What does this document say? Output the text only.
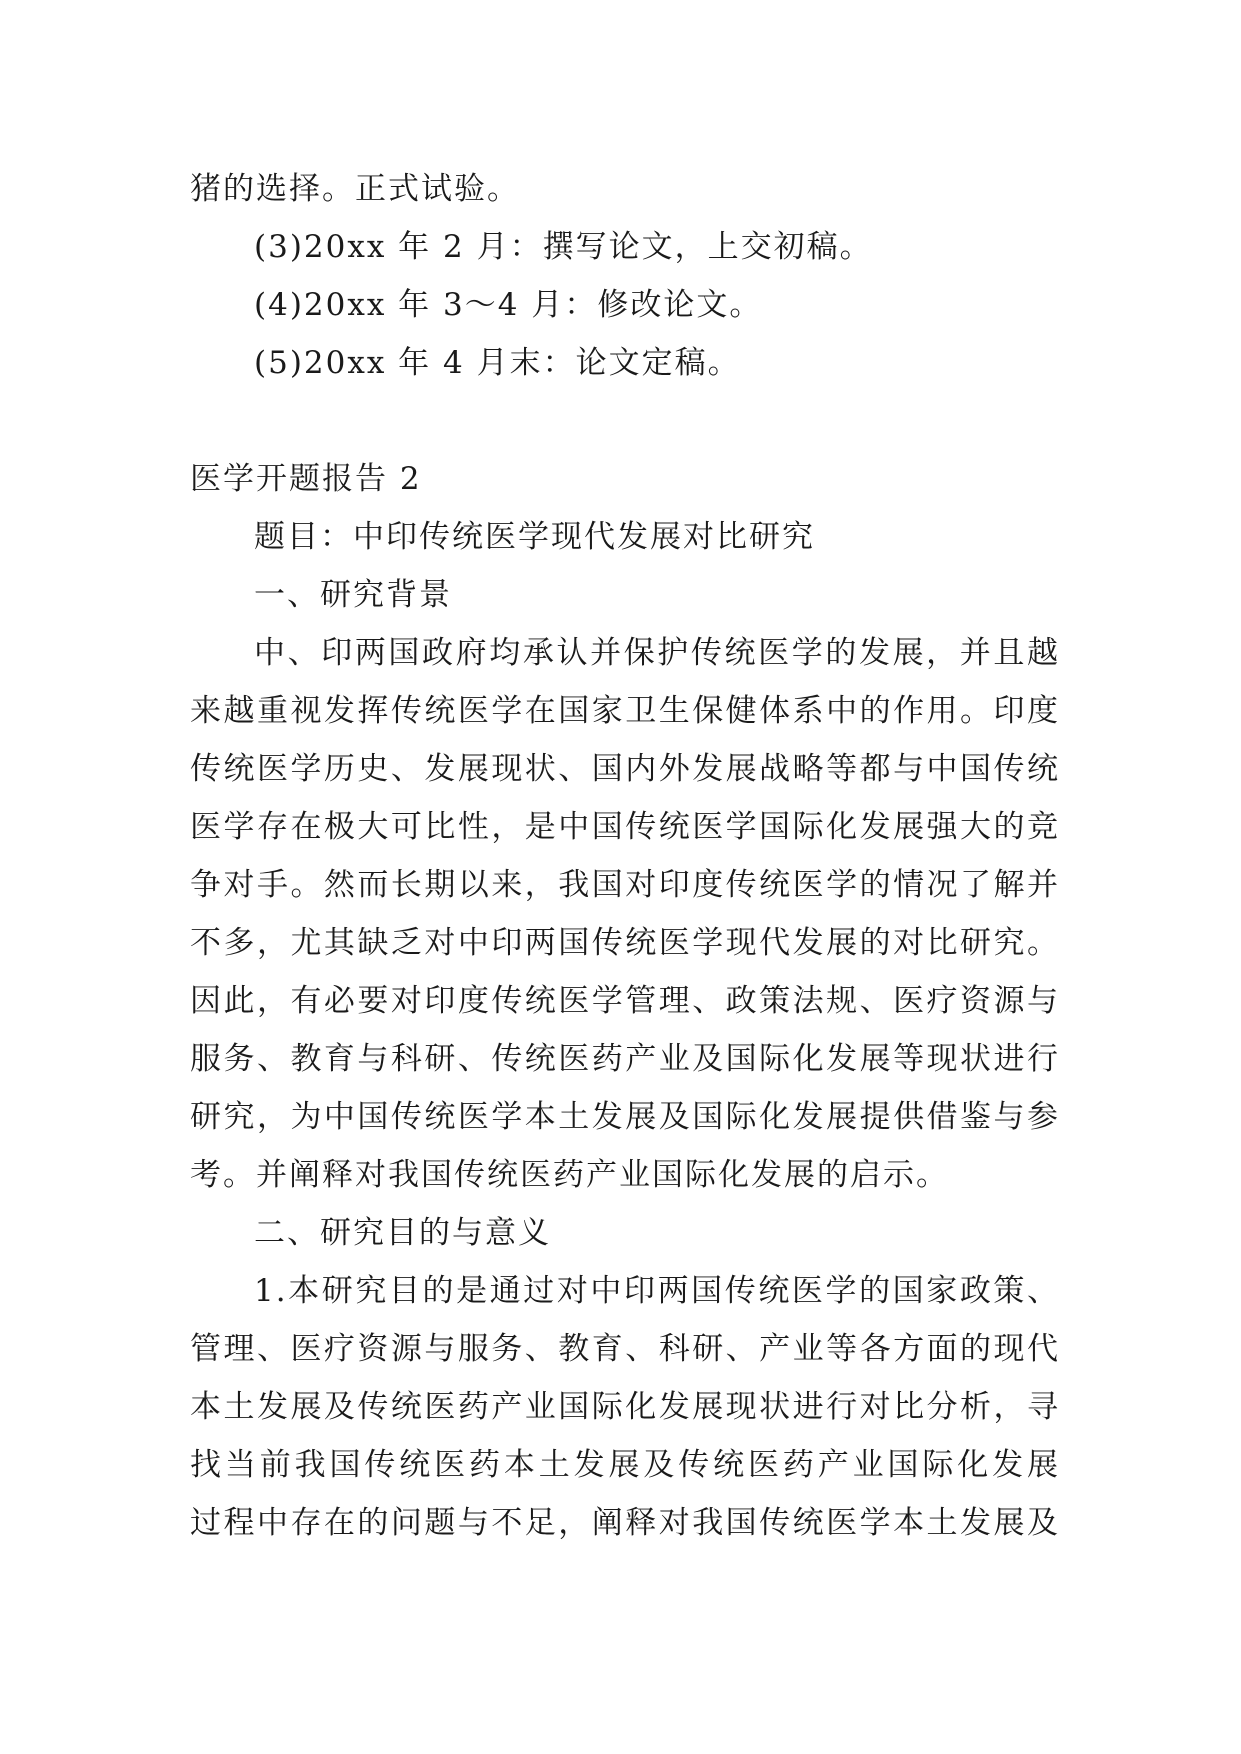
猪的选择。正式试验。

(3)20xx 年 2 月：撰写论文，上交初稿。

(4)20xx 年 3～4 月：修改论文。

(5)20xx 年 4 月末：论文定稿。

医学开题报告 2

题目：中印传统医学现代发展对比研究

一、研究背景

中、印两国政府均承认并保护传统医学的发展，并且越

来越重视发挥传统医学在国家卫生保健体系中的作用。印度

传统医学历史、发展现状、国内外发展战略等都与中国传统

医学存在极大可比性，是中国传统医学国际化发展强大的竞

争对手。然而长期以来，我国对印度传统医学的情况了解并

不多，尤其缺乏对中印两国传统医学现代发展的对比研究。

因此，有必要对印度传统医学管理、政策法规、医疗资源与

服务、教育与科研、传统医药产业及国际化发展等现状进行

研究，为中国传统医学本土发展及国际化发展提供借鉴与参

考。并阐释对我国传统医药产业国际化发展的启示。

二、研究目的与意义

1.本研究目的是通过对中印两国传统医学的国家政策、

管理、医疗资源与服务、教育、科研、产业等各方面的现代

本土发展及传统医药产业国际化发展现状进行对比分析，寻

找当前我国传统医药本土发展及传统医药产业国际化发展

过程中存在的问题与不足，阐释对我国传统医学本土发展及
